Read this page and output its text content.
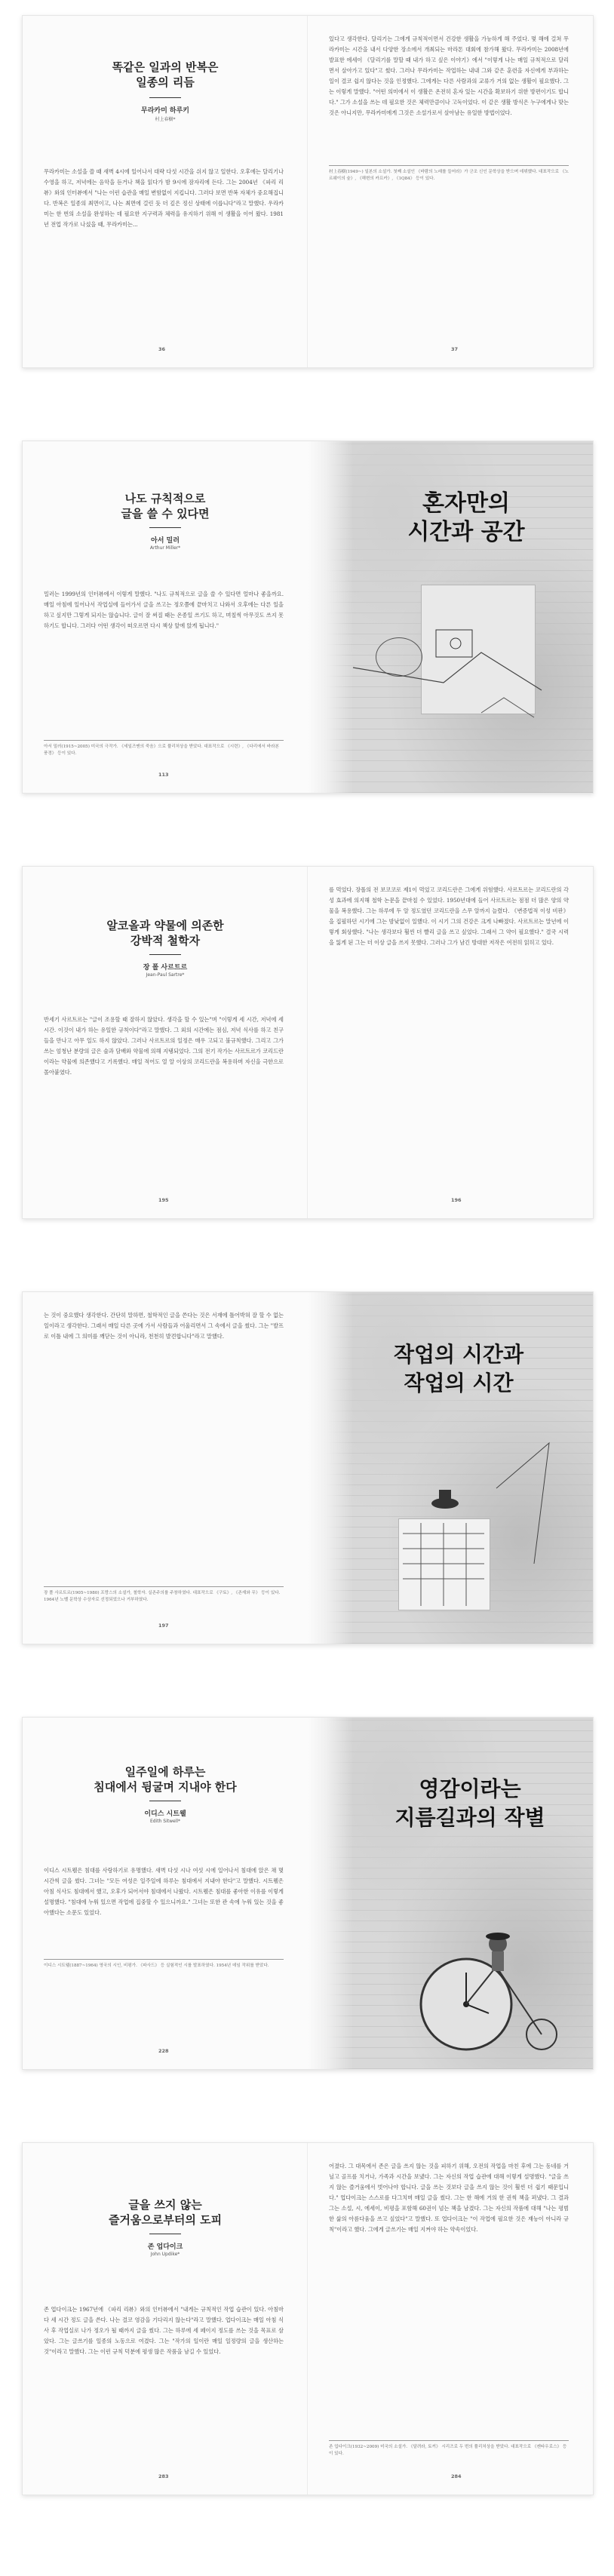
똑같은 일과의 반복은
일종의 리듬
무라카미 하루키
村上春樹*
무라카미는 소설을 쓸 때 새벽 4시에 일어나서 대략 다섯 시간을 쉬지 않고 일한다. 오후에는 달리기나 수영을 하고, 저녁에는 음악을 듣거나 책을 읽다가 밤 9시에 잠자리에 든다. 그는 2004년 《파리 리뷰》와의 인터뷰에서 "나는 이런 습관을 매일 변함없이 지킵니다. 그러다 보면 반복 자체가 중요해집니다. 반복은 일종의 최면이고, 나는 최면에 걸린 듯 더 깊은 정신 상태에 이릅니다"라고 말했다. 우라카미는 한 번의 소설을 완성하는 데 필요한 지구력과 체력을 유지하기 위해 이 생활을 이어 왔다. 1981년 전업 작가로 나섰을 때, 무라카미는...
36
있다고 생각한다. 달리기는 그에게 규칙적이면서 건강한 생활을 가능하게 해 주었다. 몇 해에 걸쳐 무라카미는 시간을 내서 다양한 장소에서 개최되는 마라톤 대회에 참가해 왔다. 무라카미는 2008년에 발표한 에세이 《달리기를 말할 때 내가 하고 싶은 이야기》에서 "이렇게 나는 매일 규칙적으로 달리면서 살아가고 있다"고 썼다. 그러나 무라카미는 작업하는 내내 그와 같은 훈련을 자신에게 부과하는 일이 결코 쉽지 않다는 것을 인정했다. 그에게는 다른 사람과의 교류가 거의 없는 생활이 필요했다. 그는 이렇게 말했다. "어떤 의미에서 이 생활은 온전히 혼자 있는 시간을 확보하기 위한 방편이기도 합니다." 그가 소설을 쓰는 데 필요한 것은 체력만큼이나 고독이었다. 이 같은 생활 방식은 누구에게나 맞는 것은 아니지만, 무라카미에게 그것은 소설가로서 살아남는 유일한 방법이었다.
村上春樹(1949~) 일본의 소설가. 첫째 소설인 《바람의 노래를 들어라》가 군조 신인 문학상을 받으며 데뷔했다. 대표작으로 《노르웨이의 숲》, 《해변의 카프카》, 《1Q84》 등이 있다.
37
나도 규칙적으로
글을 쓸 수 있다면
아서 밀러
Arthur Miller*
밀러는 1999년의 인터뷰에서 이렇게 말했다. "나도 규칙적으로 글을 쓸 수 있다면 얼마나 좋을까요. 매일 아침에 일어나서 작업실에 들어가서 글을 쓰고는 정오쯤에 끝마치고 나와서 오후에는 다른 일을 하고 싶지만 그렇게 되지는 않습니다. 글이 잘 써질 때는 온종일 쓰기도 하고, 며칠씩 아무것도 쓰지 못하기도 합니다. 그러다 어떤 생각이 떠오르면 다시 책상 앞에 앉게 됩니다."
아서 밀러(1915~2005) 미국의 극작가. 《세일즈맨의 죽음》으로 퓰리처상을 받았다. 대표작으로 《시련》, 《다리에서 바라본 풍경》 등이 있다.
113
혼자만의
시간과 공간
알코올과 약물에 의존한
강박적 철학자
장 폴 사르트르
Jean-Paul Sartre*
반세기 사르트르는 "글이 조용할 때 잘하지 않았다. 생각을 할 수 있는"며 "이렇게 세 시간, 저녁에 세 시간. 이것이 내가 하는 유일한 규칙이다"라고 말했다. 그 외의 시간에는 점심, 저녁 식사를 하고 친구들을 만나고 아무 일도 하지 않았다. 그러나 사르트르의 일정은 매우 고되고 불규칙했다. 그리고 그가 쓰는 엄청난 분량의 글은 술과 담배와 약물에 의해 지탱되었다. 그의 전기 작가는 사르트르가 코리드란이라는 약물에 의존했다고 기록했다. 매일 적어도 열 알 이상의 코리드란을 복용하며 자신을 극한으로 몰아붙였다.
195
를 먹었다. 장폴의 전 보코코로 제1이 먹었고 코리드란은 그에게 위험했다. 사르트르는 코리드란의 각성 효과에 의지해 철학 논문을 끝마칠 수 있었다. 1950년대에 들어 사르트르는 점점 더 많은 양의 약물을 복용했다. 그는 하루에 두 알 정도였던 코리드란을 스무 알까지 늘렸다. 《변증법적 이성 비판》을 집필하던 시기에 그는 밤낮없이 일했다. 이 시기 그의 건강은 크게 나빠졌다. 사르트르는 말년에 이렇게 회상했다. "나는 생각보다 훨씬 더 빨리 글을 쓰고 싶었다. 그래서 그 약이 필요했다." 결국 시력을 잃게 된 그는 더 이상 글을 쓰지 못했다. 그러나 그가 남긴 방대한 저작은 여전히 읽히고 있다.
196
는 것이 중요했다 생각한다. 간단히 말하면, 철학적인 글을 쓴다는 것은 서재에 틀어박혀 잘 할 수 없는 일이라고 생각한다. 그래서 매일 다른 곳에 가서 사람들과 어울리면서 그 속에서 글을 썼다. 그는 "발프로 이틀 내에 그 의미를 깨닫는 것이 아니라, 천천히 발견합니다"라고 말했다.
장 폴 사르트르(1905~1980) 프랑스의 소설가, 철학자. 실존주의를 주창하였다. 대표작으로 《구토》, 《존재와 무》 등이 있다. 1964년 노벨 문학상 수상자로 선정되었으나 거부하였다.
197
작업의 시간과
작업의 시간
일주일에 하루는
침대에서 뒹굴며 지내야 한다
이디스 시트웰
Edith Sitwell*
이디스 시트웰은 침대를 사랑하기로 유명했다. 새벽 다섯 시나 여섯 시에 일어나서 침대에 앉은 채 몇 시간씩 글을 썼다. 그녀는 "모든 여성은 일주일에 하루는 침대에서 지내야 한다"고 말했다. 시트웰은 아침 식사도 침대에서 했고, 오후가 되어서야 침대에서 나왔다. 시트웰은 침대를 좋아한 이유를 이렇게 설명했다. "침대에 누워 있으면 작업에 집중할 수 있으니까요." 그녀는 또한 관 속에 누워 있는 것을 좋아했다는 소문도 있었다.
이디스 시트웰(1887~1964) 영국의 시인, 비평가. 《파사드》 등 실험적인 시를 발표하였다. 1954년 데임 작위를 받았다.
228
영감이라는
지름길과의 작별
글을 쓰지 않는
즐거움으로부터의 도피
존 업다이크
John Updike*
존 업다이크는 1967년에 《파리 리뷰》와의 인터뷰에서 "내게는 규칙적인 작업 습관이 있다. 아침마다 세 시간 정도 글을 쓴다. 나는 결코 영감을 기다리지 않는다"라고 말했다. 업다이크는 매일 아침 식사 후 작업실로 나가 정오가 될 때까지 글을 썼다. 그는 하루에 세 페이지 정도를 쓰는 것을 목표로 삼았다. 그는 글쓰기를 일종의 노동으로 여겼다. 그는 "작가의 일이란 매일 일정량의 글을 생산하는 것"이라고 말했다. 그는 이런 규칙 덕분에 평생 많은 작품을 남길 수 있었다.
283
어졌다. 그 대목에서 존은 글을 쓰지 않는 것을 피하기 위해, 오전의 작업을 마친 후에 그는 동네를 거닐고 골프를 치거나, 가족과 시간을 보냈다. 그는 자신의 작업 습관에 대해 이렇게 설명했다. "글을 쓰지 않는 즐거움에서 벗어나야 합니다. 글을 쓰는 것보다 글을 쓰지 않는 것이 훨씬 더 쉽기 때문입니다." 업다이크는 스스로를 다그치며 매일 글을 썼다. 그는 한 해에 거의 한 권씩 책을 펴냈다. 그 결과 그는 소설, 시, 에세이, 비평을 포함해 60권이 넘는 책을 남겼다. 그는 자신의 작품에 대해 "나는 평범한 삶의 아름다움을 쓰고 싶었다"고 말했다. 또 업다이크는 "이 작업에 필요한 것은 재능이 아니라 규칙"이라고 했다. 그에게 글쓰기는 매일 지켜야 하는 약속이었다.
존 업다이크(1932~2009) 미국의 소설가. 《달려라, 토끼》 시리즈로 두 번의 퓰리처상을 받았다. 대표작으로 《켄타우로스》 등이 있다.
284
